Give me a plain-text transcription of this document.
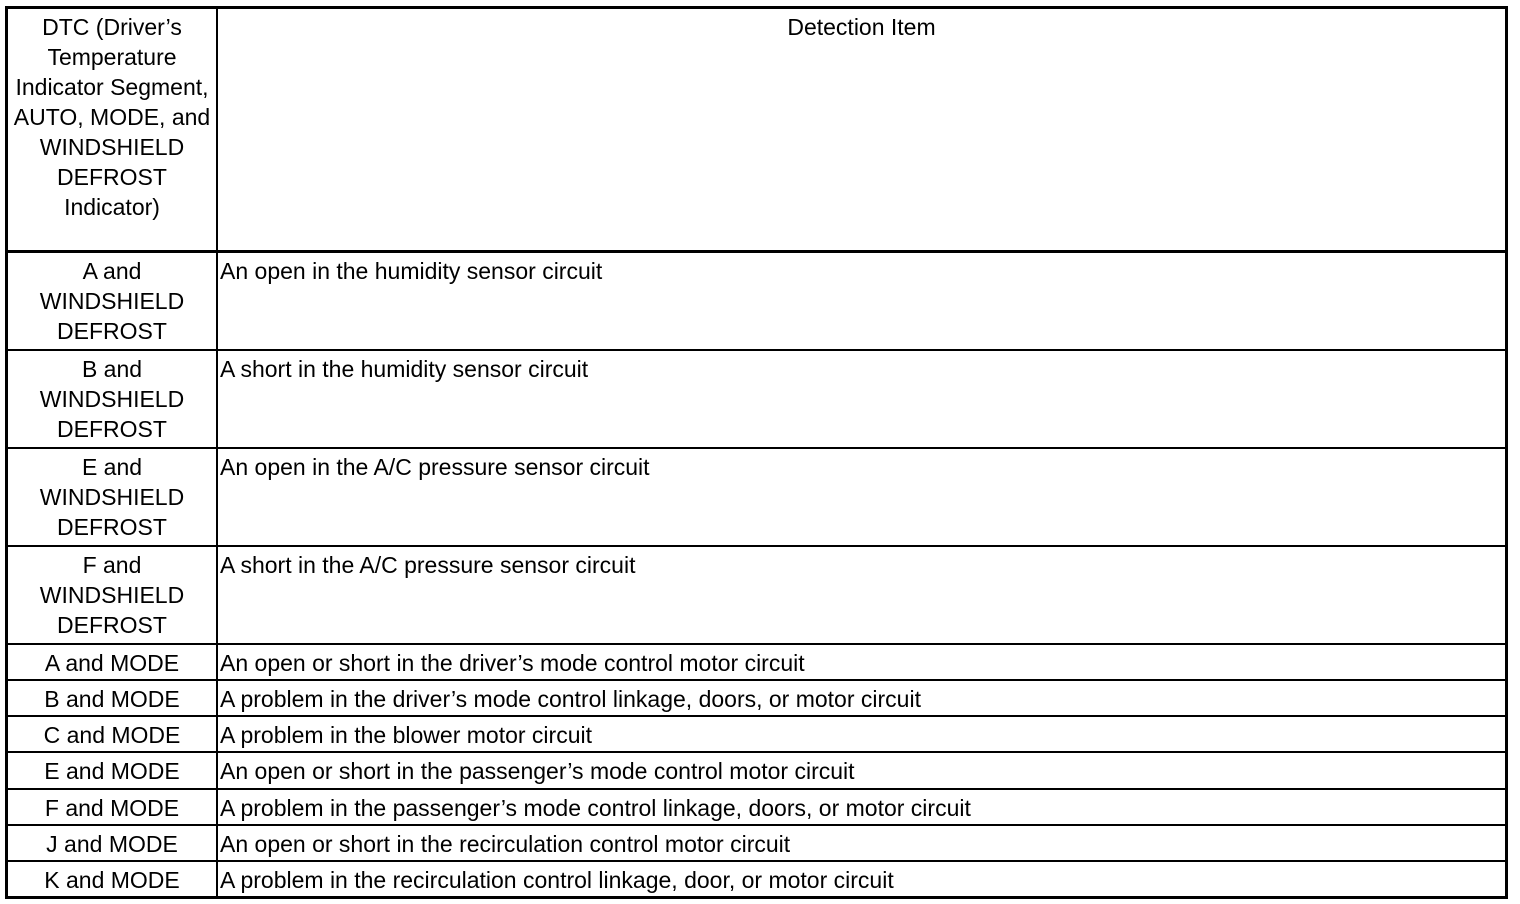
DTC (Driver’s Temperature Indicator Segment, AUTO, MODE, and WINDSHIELD DEFROST Indicator)	Detection Item
A and WINDSHIELD DEFROST	An open in the humidity sensor circuit
B and WINDSHIELD DEFROST	A short in the humidity sensor circuit
E and WINDSHIELD DEFROST	An open in the A/C pressure sensor circuit
F and WINDSHIELD DEFROST	A short in the A/C pressure sensor circuit
A and MODE	An open or short in the driver’s mode control motor circuit
B and MODE	A problem in the driver’s mode control linkage, doors, or motor circuit
C and MODE	A problem in the blower motor circuit
E and MODE	An open or short in the passenger’s mode control motor circuit
F and MODE	A problem in the passenger’s mode control linkage, doors, or motor circuit
J and MODE	An open or short in the recirculation control motor circuit
K and MODE	A problem in the recirculation control linkage, door, or motor circuit
